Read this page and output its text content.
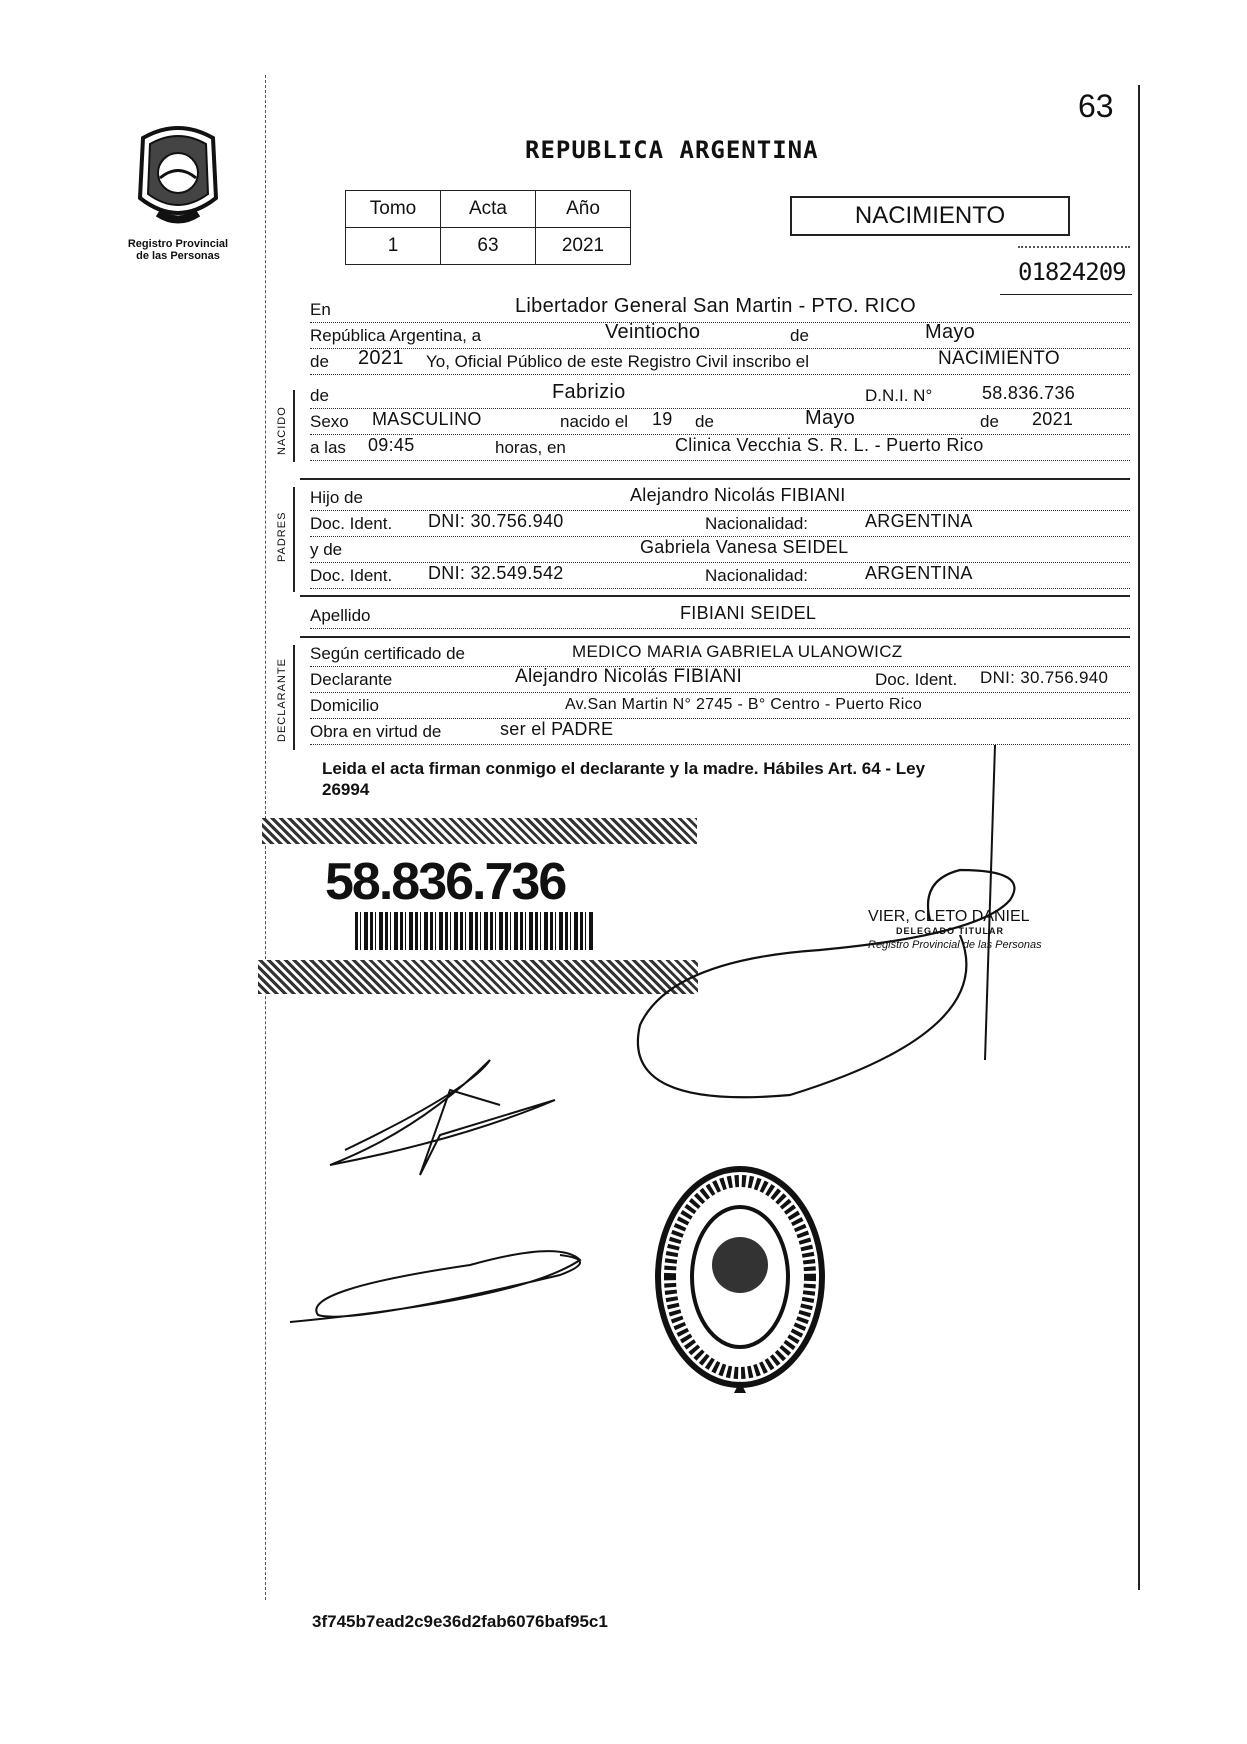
Registro Provincial
de las Personas
63
REPUBLICA ARGENTINA
Tomo	Acta	Año
1	63	2021
NACIMIENTO
01824209
En	Libertador General San Martin - PTO. RICO
República Argentina, a	Veintiocho	de	Mayo
de 2021 Yo, Oficial Público de este Registro Civil inscribo el	NACIMIENTO
NACIDO
de	Fabrizio	D.N.I. N°	58.836.736
Sexo MASCULINO	nacido el 19 de	Mayo	de 2021
a las 09:45	horas, en	Clinica Vecchia S. R. L. - Puerto Rico
PADRES
Hijo de	Alejandro Nicolás FIBIANI
Doc. Ident. DNI: 30.756.940	Nacionalidad:	ARGENTINA
y de	Gabriela Vanesa SEIDEL
Doc. Ident. DNI: 32.549.542	Nacionalidad:	ARGENTINA
Apellido	FIBIANI SEIDEL
DECLARANTE
Según certificado de	MEDICO MARIA GABRIELA ULANOWICZ
Declarante	Alejandro Nicolás FIBIANI	Doc. Ident. DNI: 30.756.940
Domicilio	Av.San Martin N° 2745 - B° Centro - Puerto Rico
Obra en virtud de	ser el PADRE
Leida el acta firman conmigo el declarante y la madre. Hábiles Art. 64 - Ley
26994
58.836.736
VIER, CLETO DANIEL
DELEGADO TITULAR
Registro Provincial de las Personas
3f745b7ead2c9e36d2fab6076baf95c1
